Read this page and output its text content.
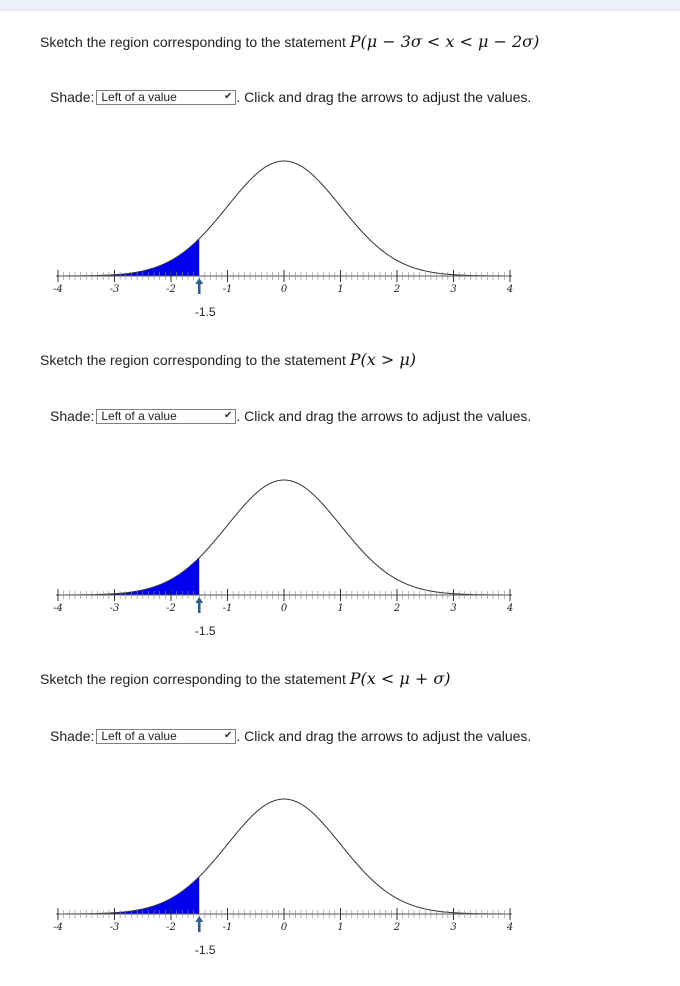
Sketch the region corresponding to the statement P(μ − 3σ < x < μ − 2σ)
Shade: Left of a value	✔ . Click and drag the arrows to adjust the values.
-4	-3	-2	-1	0	1	2	3	4
-1.5
Sketch the region corresponding to the statement P(x > μ)
Shade: Left of a value	✔ . Click and drag the arrows to adjust the values.
-4	-3	-2	-1	0	1	2	3	4
-1.5
Sketch the region corresponding to the statement P(x < μ + σ)
Shade: Left of a value	✔ . Click and drag the arrows to adjust the values.
-4	-3	-2	-1	0	1	2	3	4
-1.5
